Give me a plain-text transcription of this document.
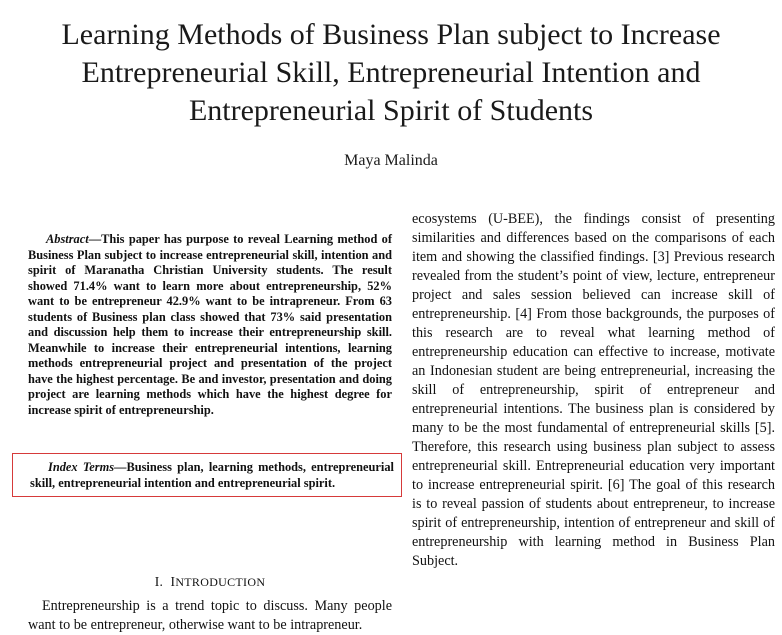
Learning Methods of Business Plan subject to Increase
Entrepreneurial Skill, Entrepreneurial Intention and
Entrepreneurial Spirit of Students
Maya Malinda

Abstract—This paper has purpose to reveal Learning method of Business Plan subject to increase entrepreneurial skill, intention and spirit of Maranatha Christian University students. The result showed 71.4% want to learn more about entrepreneurship, 52% want to be entrepreneur 42.9% want to be intrapreneur. From 63 students of Business plan class showed that 73% said presentation and discussion help them to increase their entrepreneurship skill. Meanwhile to increase their entrepreneurial intentions, learning methods entrepreneurial project and presentation of the project have the highest percentage. Be and investor, presentation and doing project are learning methods which have the highest degree for increase spirit of entrepreneurship.

Index Terms—Business plan, learning methods, entrepreneurial skill, entrepreneurial intention and entrepreneurial spirit.

I. INTRODUCTION

Entrepreneurship is a trend topic to discuss. Many people want to be entrepreneur, otherwise want to be intrapreneur.

ecosystems (U-BEE), the findings consist of presenting similarities and differences based on the comparisons of each item and showing the classified findings. [3] Previous research revealed from the student’s point of view, lecture, entrepreneur project and sales session believed can increase skill of entrepreneurship. [4] From those backgrounds, the purposes of this research are to reveal what learning method of entrepreneurship education can effective to increase, motivate an Indonesian student are being entrepreneurial, increasing the skill of entrepreneurship, spirit of entrepreneur and entrepreneurial intentions. The business plan is considered by many to be the most fundamental of entrepreneurial skills [5]. Therefore, this research using business plan subject to assess entrepreneurial skill. Entrepreneurial education very important to increase entrepreneurial spirit. [6] The goal of this research is to reveal passion of students about entrepreneur, to increase spirit of entrepreneurship, intention of entrepreneur and skill of entrepreneurship with learning method in Business Plan Subject.
